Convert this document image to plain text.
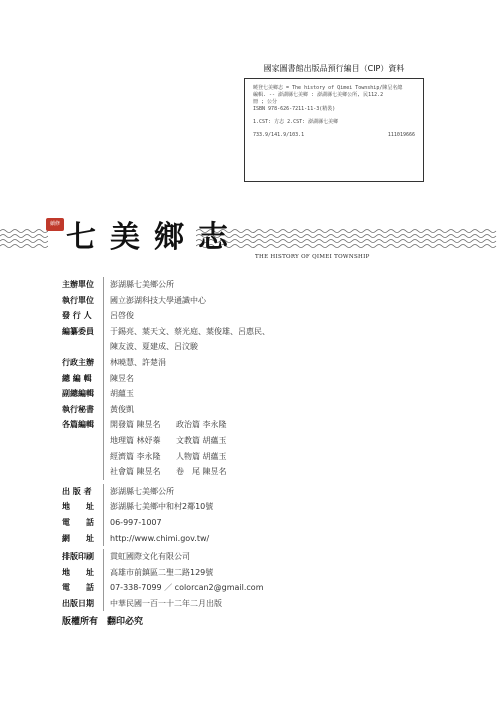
國家圖書館出版品預行編目（CIP）資料
曉登七美鄉志 = The history of Qimei Township/陳呈名總
編輯. -- 澎湖縣七美鄉 : 澎湖縣七美鄉公所, 民112.2
冊 ; 公分
ISBN 978-626-7211-11-3(精裝)
1.CST: 方志 2.CST: 澎湖縣七美鄉
733.9/141.9/103.1	111019666
續修 七美鄉志
THE HISTORY OF QIMEI TOWNSHIP
主辦單位	澎湖縣七美鄉公所
執行單位	國立澎湖科技大學通識中心
發 行 人	呂啓俊
編纂委員	于錫亮、葉天文、蔡光庭、葉俊雄、呂惠民、
陳友波、夏建成、呂汶駿
行政主辦	林曉慧、許楚涓
總 編 輯	陳昱名
副總編輯	胡蘊玉
執行秘書	黃俊凱
各篇編輯	開發篇 陳昱名	政治篇 李永隆
地理篇 林妤蓁	文教篇 胡蘊玉
經濟篇 李永隆	人物篇 胡蘊玉
社會篇 陳昱名	卷　尾 陳昱名
出 版 者	澎湖縣七美鄉公所
地　　址	澎湖縣七美鄉中和村2鄰10號
電　　話	06-997-1007
網　　址	http://www.chimi.gov.tw/
排版印刷	貫虹國際文化有限公司
地　　址	高雄市前鎮區二聖二路129號
電　　話	07-338-7099 ／ colorcan2@gmail.com
出版日期	中華民國一百一十二年二月出版
版權所有　翻印必究
